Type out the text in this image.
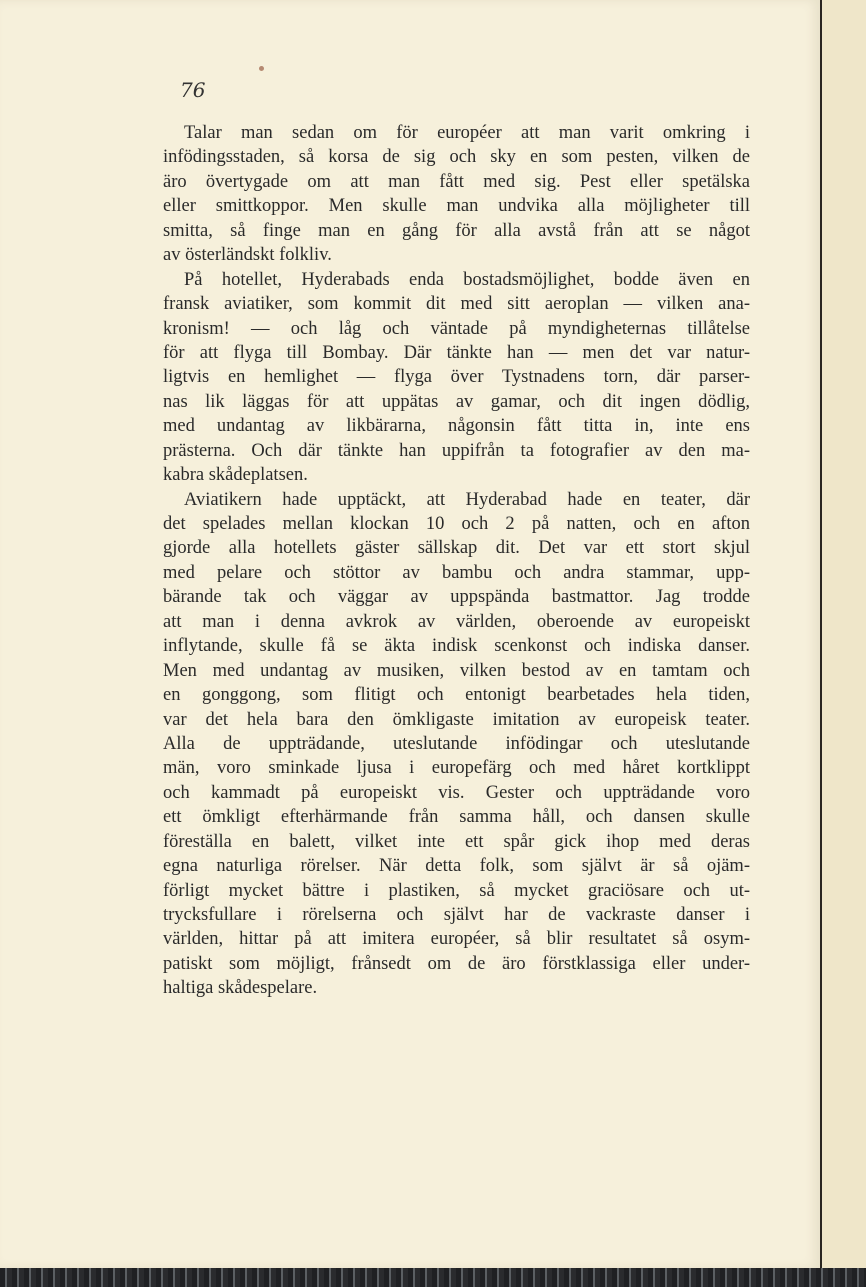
76
Talar man sedan om för européer att man varit omkring i
infödingsstaden, så korsa de sig och sky en som pesten, vilken de
äro övertygade om att man fått med sig. Pest eller spetälska
eller smittkoppor. Men skulle man undvika alla möjligheter till
smitta, så finge man en gång för alla avstå från att se något
av österländskt folkliv.
På hotellet, Hyderabads enda bostadsmöjlighet, bodde även en
fransk aviatiker, som kommit dit med sitt aeroplan — vilken ana-
kronism! — och låg och väntade på myndigheternas tillåtelse
för att flyga till Bombay. Där tänkte han — men det var natur-
ligtvis en hemlighet — flyga över Tystnadens torn, där parser-
nas lik läggas för att uppätas av gamar, och dit ingen dödlig,
med undantag av likbärarna, någonsin fått titta in, inte ens
prästerna. Och där tänkte han uppifrån ta fotografier av den ma-
kabra skådeplatsen.
Aviatikern hade upptäckt, att Hyderabad hade en teater, där
det spelades mellan klockan 10 och 2 på natten, och en afton
gjorde alla hotellets gäster sällskap dit. Det var ett stort skjul
med pelare och stöttor av bambu och andra stammar, upp-
bärande tak och väggar av uppspända bastmattor. Jag trodde
att man i denna avkrok av världen, oberoende av europeiskt
inflytande, skulle få se äkta indisk scenkonst och indiska danser.
Men med undantag av musiken, vilken bestod av en tamtam och
en gonggong, som flitigt och entonigt bearbetades hela tiden,
var det hela bara den ömkligaste imitation av europeisk teater.
Alla de uppträdande, uteslutande infödingar och uteslutande
män, voro sminkade ljusa i europefärg och med håret kortklippt
och kammadt på europeiskt vis. Gester och uppträdande voro
ett ömkligt efterhärmande från samma håll, och dansen skulle
föreställa en balett, vilket inte ett spår gick ihop med deras
egna naturliga rörelser. När detta folk, som självt är så ojäm-
förligt mycket bättre i plastiken, så mycket graciösare och ut-
trycksfullare i rörelserna och självt har de vackraste danser i
världen, hittar på att imitera européer, så blir resultatet så osym-
patiskt som möjligt, frånsedt om de äro förstklassiga eller under-
haltiga skådespelare.
